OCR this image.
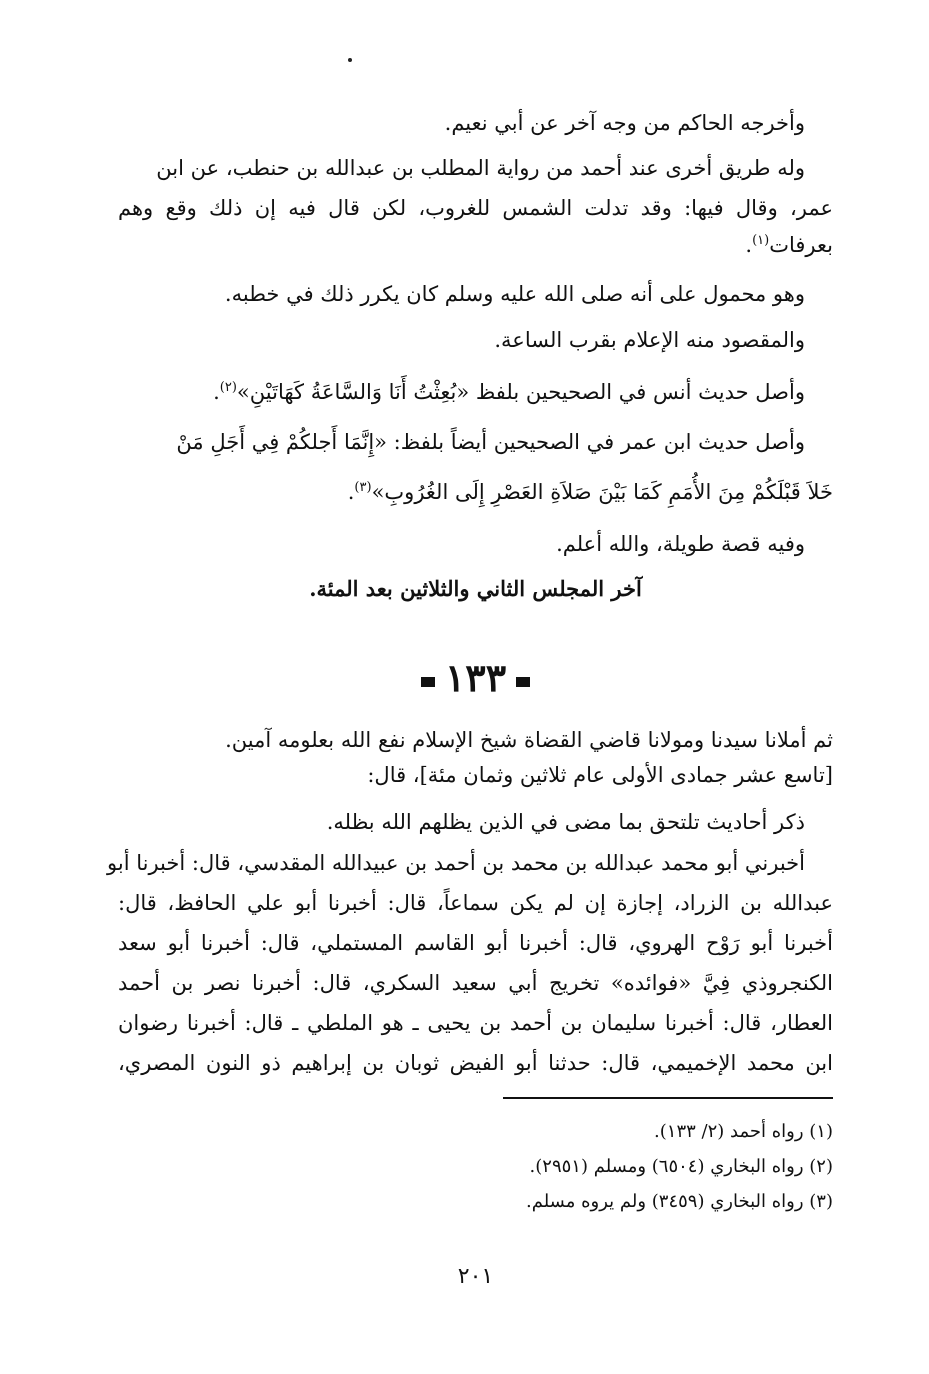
وأخرجه الحاكم من وجه آخر عن أبي نعيم.

وله طريق أخرى عند أحمد من رواية المطلب بن عبدالله بن حنطب، عن ابن

عمر، وقال فيها: وقد تدلت الشمس للغروب، لكن قال فيه إن ذلك وقع وهم

بعرفات$^{(١)}$.

وهو محمول على أنه صلى الله عليه وسلم كان يكرر ذلك في خطبه.

والمقصود منه الإعلام بقرب الساعة.

وأصل حديث أنس في الصحيحين بلفظ «بُعِثْتُ أَنَا وَالسَّاعَةُ كَهَاتَيْنِ»$^{(٢)}$.

وأصل حديث ابن عمر في الصحيحين أيضاً بلفظ: «إِنَّمَا أَجلكُمْ فِي أَجَلِ مَنْ

خَلاَ قَبْلَكُمْ مِنَ الأُمَمِ كَمَا بَيْنَ صَلاَةِ العَصْرِ إِلَى الغُرُوبِ»$^{(٣)}$.

وفيه قصة طويلة، والله أعلم.

آخر المجلس الثاني والثلاثين بعد المئة.
١٣٣

ثم أملانا سيدنا ومولانا قاضي القضاة شيخ الإسلام نفع الله بعلومه آمين.

[تاسع عشر جمادى الأولى عام ثلاثين وثمان مئة]، قال:

ذكر أحاديث تلتحق بما مضى في الذين يظلهم الله بظله.

أخبرني أبو محمد عبدالله بن محمد بن أحمد بن عبيدالله المقدسي، قال: أخبرنا أبو

عبدالله بن الزراد، إجازة إن لم يكن سماعاً، قال: أخبرنا أبو علي الحافظ، قال:

أخبرنا أبو رَوْح الهروي، قال: أخبرنا أبو القاسم المستملي، قال: أخبرنا أبو سعد

الكنجروذي فِيَّ «فوائده» تخريج أبي سعيد السكري، قال: أخبرنا نصر بن أحمد

العطار، قال: أخبرنا سليمان بن أحمد بن يحيى ـ هو الملطي ـ قال: أخبرنا رضوان

ابن محمد الإخميمي، قال: حدثنا أبو الفيض ثوبان بن إبراهيم ذو النون المصري،

(١) رواه أحمد (٢/ ١٣٣).
(٢) رواه البخاري (٦٥٠٤) ومسلم (٢٩٥١).
(٣) رواه البخاري (٣٤٥٩) ولم يروه مسلم.
٢٠١
